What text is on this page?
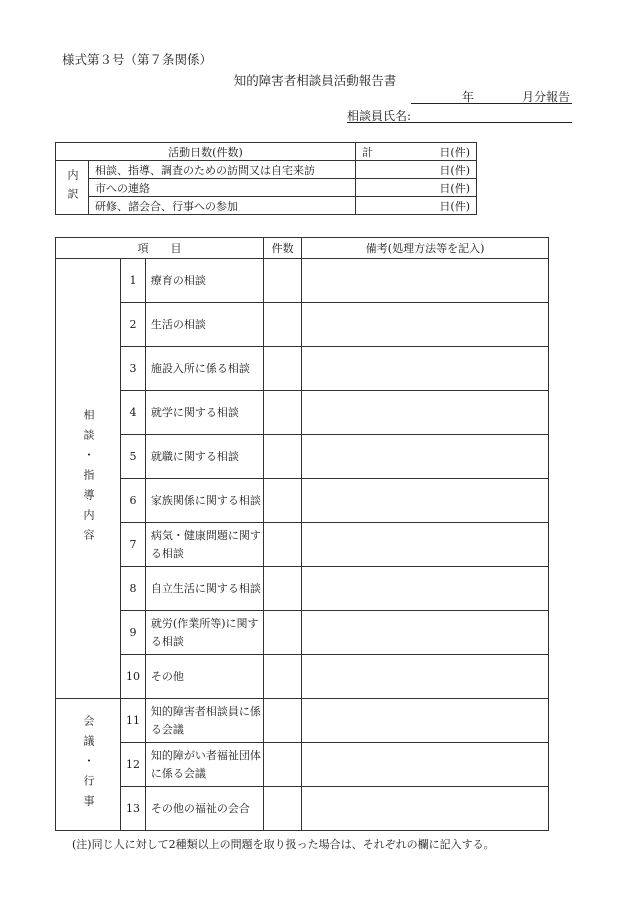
様式第３号（第７条関係）
知的障害者相談員活動報告書
年	月分報告
相談員氏名:
活動日数(件数)		計 日(件)

内訳	相談、指導、調査のための訪問又は自宅来訪	日(件)
	市への連絡	日(件)
	研修、諸会合、行事への参加	日(件)
項　　目			件数	備考(処理方法等を記入)

相談・指導内容	1	療育の相談		
	2	生活の相談		
	3	施設入所に係る相談		
	4	就学に関する相談		
	5	就職に関する相談		
	6	家族関係に関する相談		
	7	病気・健康問題に関する相談		
	8	自立生活に関する相談		
	9	就労(作業所等)に関する相談		
	10	その他		

会議・行事	11	知的障害者相談員に係る会議		
	12	知的障がい者福祉団体に係る会議		
	13	その他の福祉の会合		
(注)同じ人に対して2種類以上の問題を取り扱った場合は、それぞれの欄に記入する。
